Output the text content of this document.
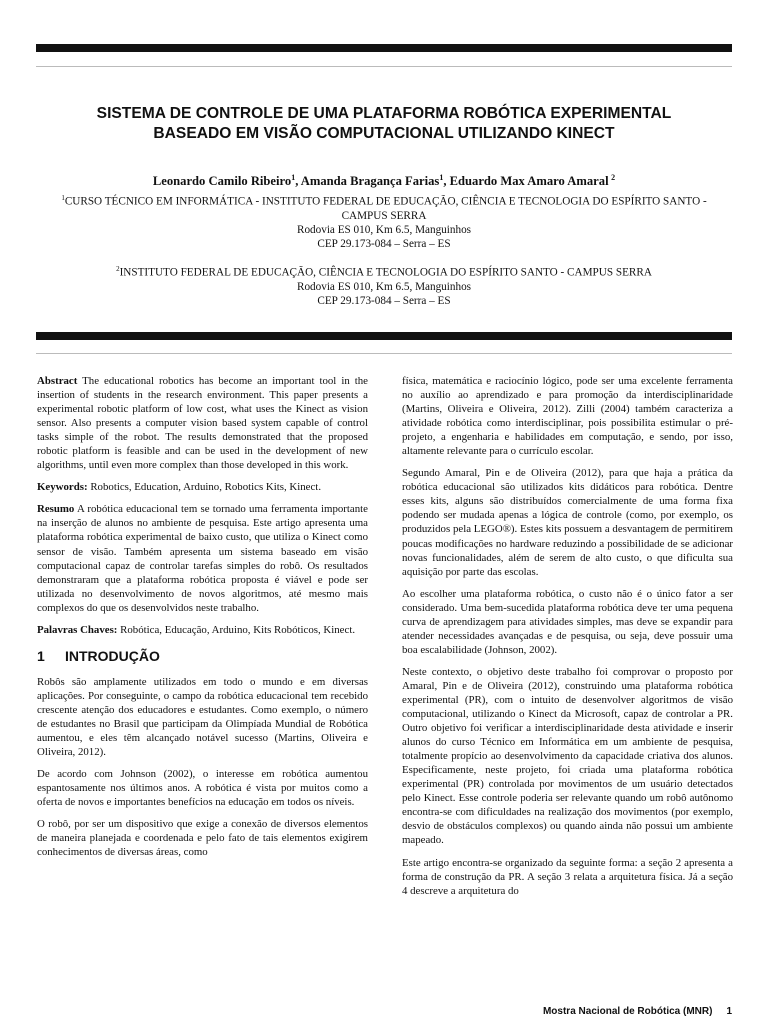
SISTEMA DE CONTROLE DE UMA PLATAFORMA ROBÓTICA EXPERIMENTAL BASEADO EM VISÃO COMPUTACIONAL UTILIZANDO KINECT
Leonardo Camilo Ribeiro$^1$, Amanda Bragança Farias$^1$, Eduardo Max Amaro Amaral  $^2$
$^1$CURSO TÉCNICO EM INFORMÁTICA - INSTITUTO FEDERAL DE EDUCAÇÃO, CIÊNCIA E TECNOLOGIA DO ESPÍRITO SANTO - CAMPUS SERRA
Rodovia ES 010, Km 6.5, Manguinhos
CEP 29.173-084 – Serra – ES
$^2$INSTITUTO FEDERAL DE EDUCAÇÃO, CIÊNCIA E TECNOLOGIA DO ESPÍRITO SANTO - CAMPUS SERRA
Rodovia ES 010, Km 6.5, Manguinhos
CEP 29.173-084 – Serra – ES

Abstract The educational robotics has become an important tool in the insertion of students in the research environment. This paper presents a experimental robotic platform of low cost, what uses the Kinect as vision sensor. Also presents a computer vision based system capable of control tasks simple of the robot. The results demonstrated that the proposed robotic platform is feasible and can be used in the development of new algorithms, until even more complex than those developed in this work.

Keywords: Robotics, Education, Arduino, Robotics Kits, Kinect.

Resumo A robótica educacional tem se tornado uma ferramenta importante na inserção de alunos no ambiente de pesquisa. Este artigo apresenta uma plataforma robótica experimental de baixo custo, que utiliza o Kinect como sensor de visão. Também apresenta um sistema baseado em visão computacional capaz de controlar tarefas simples do robô. Os resultados demonstraram que a plataforma robótica proposta é viável e pode ser utilizada no desenvolvimento de novos algoritmos, até mesmo mais complexos do que os desenvolvidos neste trabalho.

Palavras Chaves: Robótica, Educação, Arduino, Kits Robóticos, Kinect.

1	INTRODUÇÃO

Robôs são amplamente utilizados em todo o mundo e em diversas aplicações. Por conseguinte, o campo da robótica educacional tem recebido crescente atenção dos educadores e estudantes. Como exemplo, o número de estudantes no Brasil que participam da Olimpíada Mundial de Robótica aumentou, e eles têm alcançado notável sucesso (Martins, Oliveira e Oliveira, 2012).

De acordo com Johnson (2002), o interesse em robótica aumentou espantosamente nos últimos anos. A robótica é vista por muitos como a oferta de novos e importantes benefícios na educação em todos os níveis.

O robô, por ser um dispositivo que exige a conexão de diversos elementos de maneira planejada e coordenada e pelo fato de tais elementos exigirem conhecimentos de diversas áreas, como

física, matemática e raciocínio lógico, pode ser uma excelente ferramenta no auxílio ao aprendizado e para promoção da interdisciplinaridade (Martins, Oliveira e Oliveira, 2012). Zilli (2004) também caracteriza a atividade robótica como interdisciplinar, pois possibilita estimular o pré-projeto, a engenharia e habilidades em computação, e sendo, por isso, altamente relevante para o currículo escolar.

Segundo Amaral, Pin e de Oliveira (2012), para que haja a prática da robótica educacional são utilizados kits didáticos para robótica. Dentre esses kits, alguns são distribuídos comercialmente de uma forma fixa podendo ser mudada apenas a lógica de controle (como, por exemplo, os produzidos pela LEGO®). Estes kits possuem a desvantagem de permitirem poucas modificações no hardware reduzindo a possibilidade de se adicionar novas funcionalidades, além de serem de alto custo, o que dificulta sua aquisição por parte das escolas.

Ao escolher uma plataforma robótica, o custo não é o único fator a ser considerado. Uma bem-sucedida plataforma robótica deve ter uma pequena curva de aprendizagem para atividades simples, mas deve se expandir para atender necessidades avançadas e de pesquisa, ou seja, deve possuir uma boa escalabilidade (Johnson, 2002).

Neste contexto, o objetivo deste trabalho foi comprovar o proposto por Amaral, Pin e de Oliveira (2012), construindo uma plataforma robótica experimental (PR), com o intuito de desenvolver algoritmos de visão computacional, utilizando o Kinect da Microsoft, capaz de controlar a PR. Outro objetivo foi verificar a interdisciplinaridade desta atividade e inserir alunos do curso Técnico em Informática em um ambiente de pesquisa, totalmente propício ao desenvolvimento da capacidade criativa dos alunos. Especificamente, neste projeto, foi criada uma plataforma robótica experimental (PR) controlada por movimentos de um usuário detectados pelo Kinect. Esse controle poderia ser relevante quando um robô autônomo encontra-se com dificuldades na realização dos movimentos (por exemplo, desvio de obstáculos complexos) ou quando ainda não possui um ambiente mapeado.

Este artigo encontra-se organizado da seguinte forma: a seção 2 apresenta a forma de construção da PR. A seção 3 relata a arquitetura física. Já a seção 4 descreve a arquitetura do

Mostra Nacional de Robótica (MNR) 1
